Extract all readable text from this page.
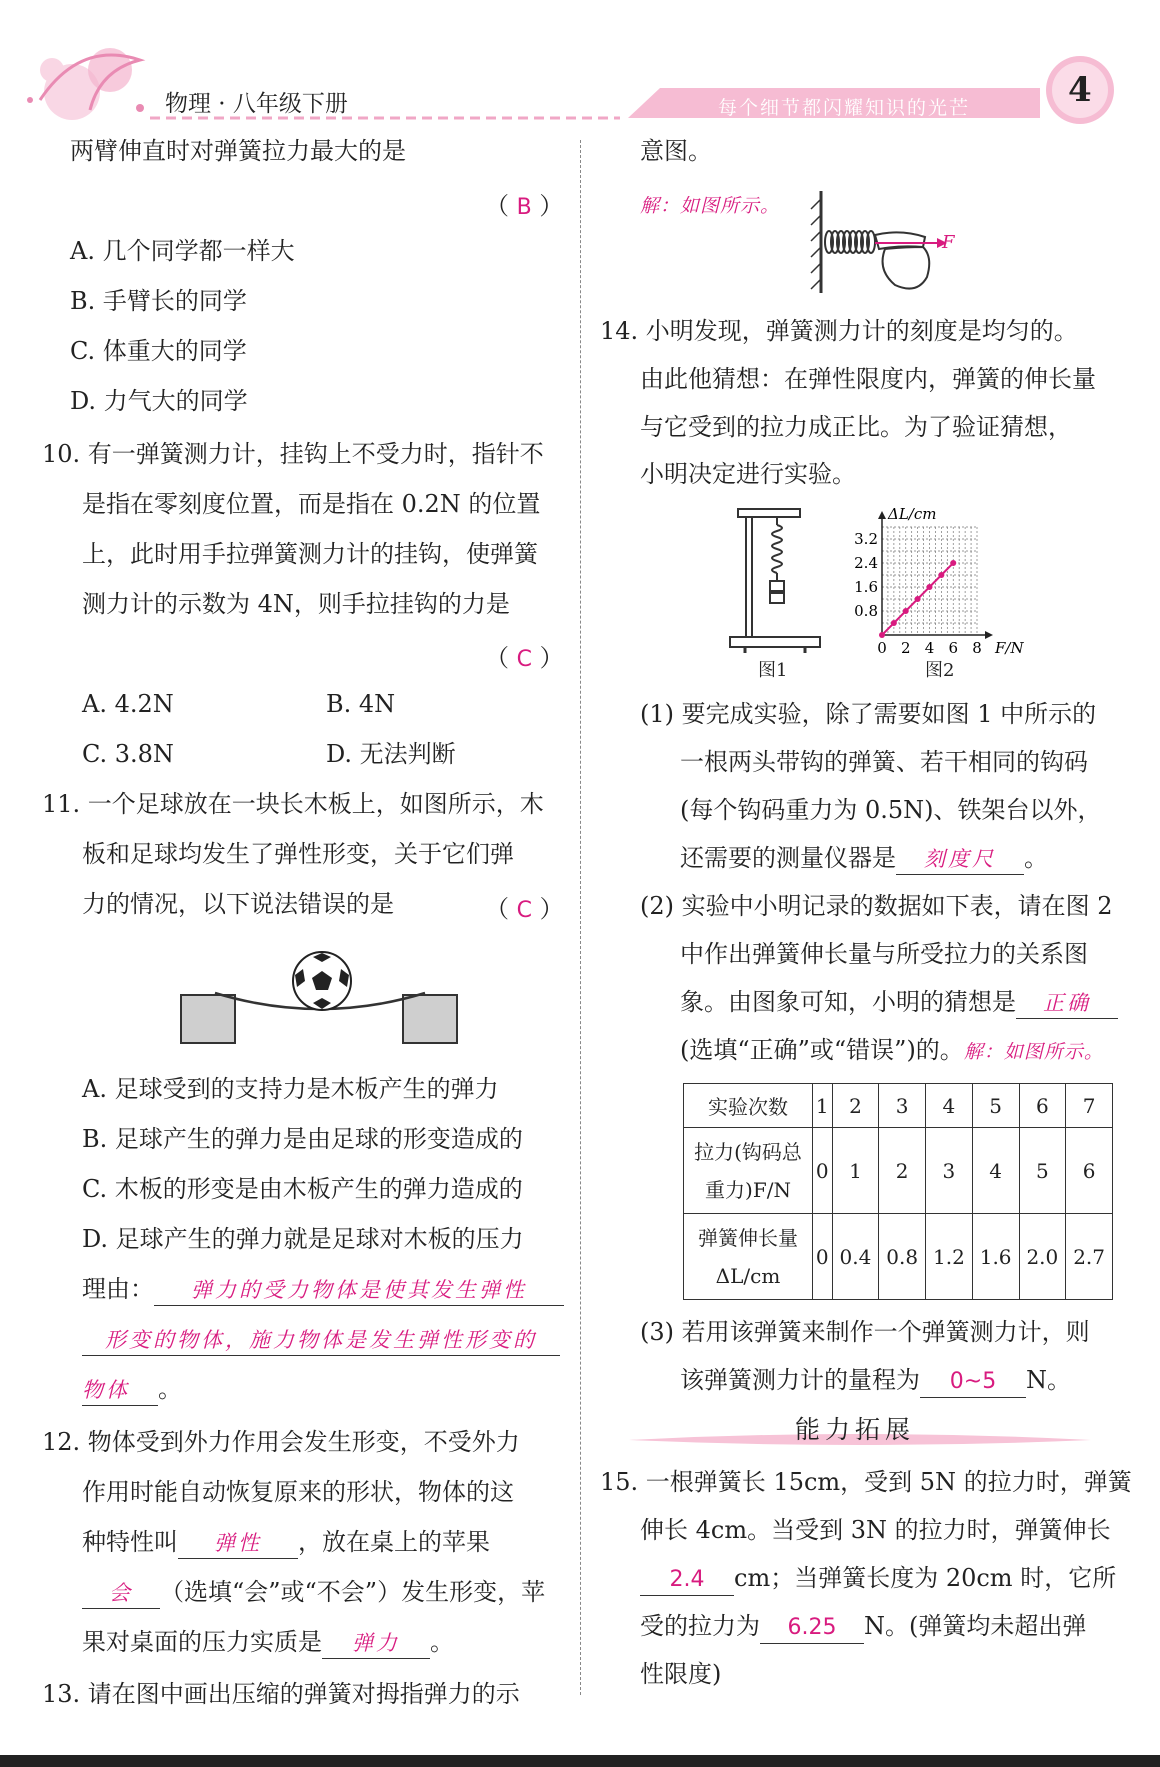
物理 · 八年级下册	每个细节都闪耀知识的光芒	4
两臂伸直时对弹簧拉力最大的是
（ B ）
A. 几个同学都一样大
B. 手臂长的同学
C. 体重大的同学
D. 力气大的同学
10. 有一弹簧测力计，挂钩上不受力时，指针不
是指在零刻度位置，而是指在 0.2N 的位置
上，此时用手拉弹簧测力计的挂钩，使弹簧
测力计的示数为 4N，则手拉挂钩的力是
（ C ）
A. 4.2N	B. 4N
C. 3.8N	D. 无法判断
11. 一个足球放在一块长木板上，如图所示，木
板和足球均发生了弹性形变，关于它们弹
力的情况，以下说法错误的是	（ C ）
A. 足球受到的支持力是木板产生的弹力
B. 足球产生的弹力是由足球的形变造成的
C. 木板的形变是由木板产生的弹力造成的
D. 足球产生的弹力就是足球对木板的压力
理由： 弹力的受力物体是使其发生弹性
形变的物体，施力物体是发生弹性形变的
物体 。
12. 物体受到外力作用会发生形变，不受外力
作用时能自动恢复原来的形状，物体的这
种特性叫 弹性 ，放在桌上的苹果
会 （选填“会”或“不会”）发生形变，苹
果对桌面的压力实质是 弹力 。
13. 请在图中画出压缩的弹簧对拇指弹力的示
意图。
解：如图所示。
F
14. 小明发现，弹簧测力计的刻度是均匀的。
由此他猜想：在弹性限度内，弹簧的伸长量
与它受到的拉力成正比。为了验证猜想，
小明决定进行实验。
图1
0 2 4 6 8
0.8
1.6
2.4
3.2
F/N
ΔL/cm
图2
(1) 要完成实验，除了需要如图 1 中所示的
一根两头带钩的弹簧、若干相同的钩码
(每个钩码重力为 0.5N)、铁架台以外，
还需要的测量仪器是 刻度尺 。
(2) 实验中小明记录的数据如下表，请在图 2
中作出弹簧伸长量与所受拉力的关系图
象。由图象可知，小明的猜想是 正确
(选填“正确”或“错误”)的。解：如图所示。
实验次数	1	2	3	4	5	6	7
拉力(钩码总
重力)F/N	0	1	2	3	4	5	6
弹簧伸长量
ΔL/cm	0	0.4	0.8	1.2	1.6	2.0	2.7
(3) 若用该弹簧来制作一个弹簧测力计，则
该弹簧测力计的量程为 0~5 N。
能力拓展
15. 一根弹簧长 15cm，受到 5N 的拉力时，弹簧
伸长 4cm。当受到 3N 的拉力时，弹簧伸长
2.4 cm；当弹簧长度为 20cm 时，它所
受的拉力为 6.25 N。(弹簧均未超出弹
性限度)
